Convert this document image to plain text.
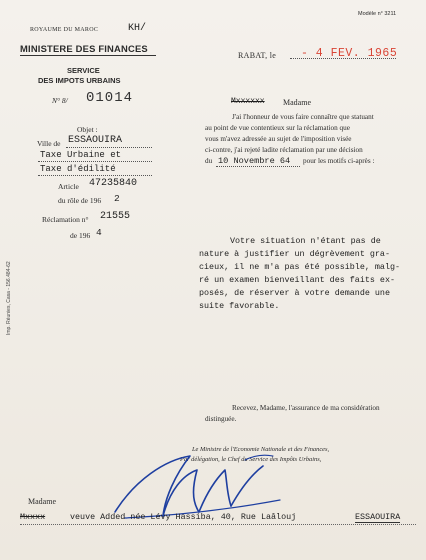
Modèle n° 3211
ROYAUME DU MAROC	KH/
MINISTERE DES FINANCES
SERVICE
DES IMPOTS URBAINS
N° 8/ 01014
RABAT, le - 4 FEV. 1965
Objet :
Ville de ESSAOUIRA
Taxe Urbaine et
Taxe d'édilité
Article 47235840
du rôle de 196 2
Réclamation n° 21555
de 196 4
Mxxxxxx Madame
J'ai l'honneur de vous faire connaître que statuant
au point de vue contentieux sur la réclamation que
vous m'avez adressée au sujet de l'imposition visée
ci-contre, j'ai rejeté ladite réclamation par une décision
du 10 Novembre 64 pour les motifs ci-après :
Votre situation n'étant pas de
nature à justifier un dégrèvement gra-
cieux, il ne m'a pas été possible, malg-
ré un examen bienveillant des faits ex-
posés, de réserver à votre demande une
suite favorable.
Recevez, Madame, l'assurance de ma considération
distinguée.
Le Ministre de l'Economie Nationale et des Finances,
Par délégation, le Chef du Service des Impôts Urbains,
Madame
Mxxxx	veuve Added née Lévy Hassiba, 40, Rue Laâlouj	ESSAOUIRA
Imp. Réunies, Casa - 156.484-62
